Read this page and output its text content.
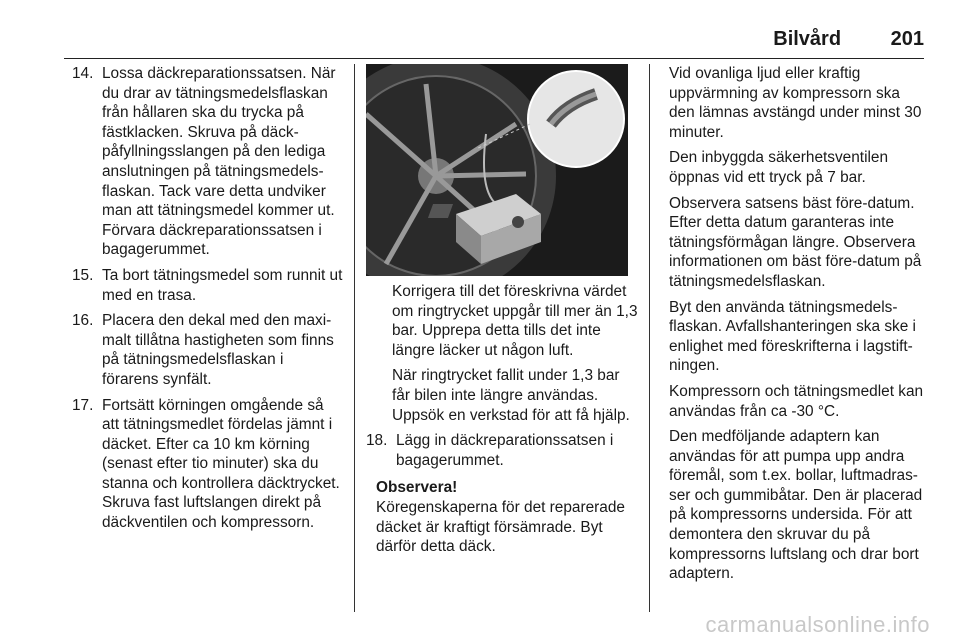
Bilvård 201
14. Lossa däckreparationssatsen. När du drar av tätningsmedelsflaskan från hållaren ska du trycka på fästklacken. Skruva på däckpåfyllningsslangen på den lediga anslutningen på tätningsmedelsflaskan. Tack vare detta undviker man att tätningsmedel kommer ut. Förvara däckreparationssatsen i bagagerummet.
15. Ta bort tätningsmedel som runnit ut med en trasa.
16. Placera den dekal med den maximalt tillåtna hastigheten som finns på tätningsmedelsflaskan i förarens synfält.
17. Fortsätt körningen omgående så att tätningsmedlet fördelas jämnt i däcket. Efter ca 10 km körning (senast efter tio minuter) ska du stanna och kontrollera däcktrycket. Skruva fast luftslangen direkt på däckventilen och kompressorn.
Korrigera till det föreskrivna värdet om ringtrycket uppgår till mer än 1,3 bar. Upprepa detta tills det inte längre läcker ut någon luft.
När ringtrycket fallit under 1,3 bar får bilen inte längre användas. Uppsök en verkstad för att få hjälp.
18. Lägg in däckreparationssatsen i bagagerummet.
Observera!
Köregenskaperna för det reparerade däcket är kraftigt försämrade. Byt därför detta däck.
Vid ovanliga ljud eller kraftig uppvärmning av kompressorn ska den lämnas avstängd under minst 30 minuter.
Den inbyggda säkerhetsventilen öppnas vid ett tryck på 7 bar.
Observera satsens bäst före-datum. Efter detta datum garanteras inte tätningsförmågan längre. Observera informationen om bäst före-datum på tätningsmedelsflaskan.
Byt den använda tätningsmedelsflaskan. Avfallshanteringen ska ske i enlighet med föreskrifterna i lagstiftningen.
Kompressorn och tätningsmedlet kan användas från ca -30 °C.
Den medföljande adaptern kan användas för att pumpa upp andra föremål, som t.ex. bollar, luftmadrasser och gummibåtar. Den är placerad på kompressorns undersida. För att demontera den skruvar du på kompressorns luftslang och drar bort adaptern.
carmanualsonline.info
